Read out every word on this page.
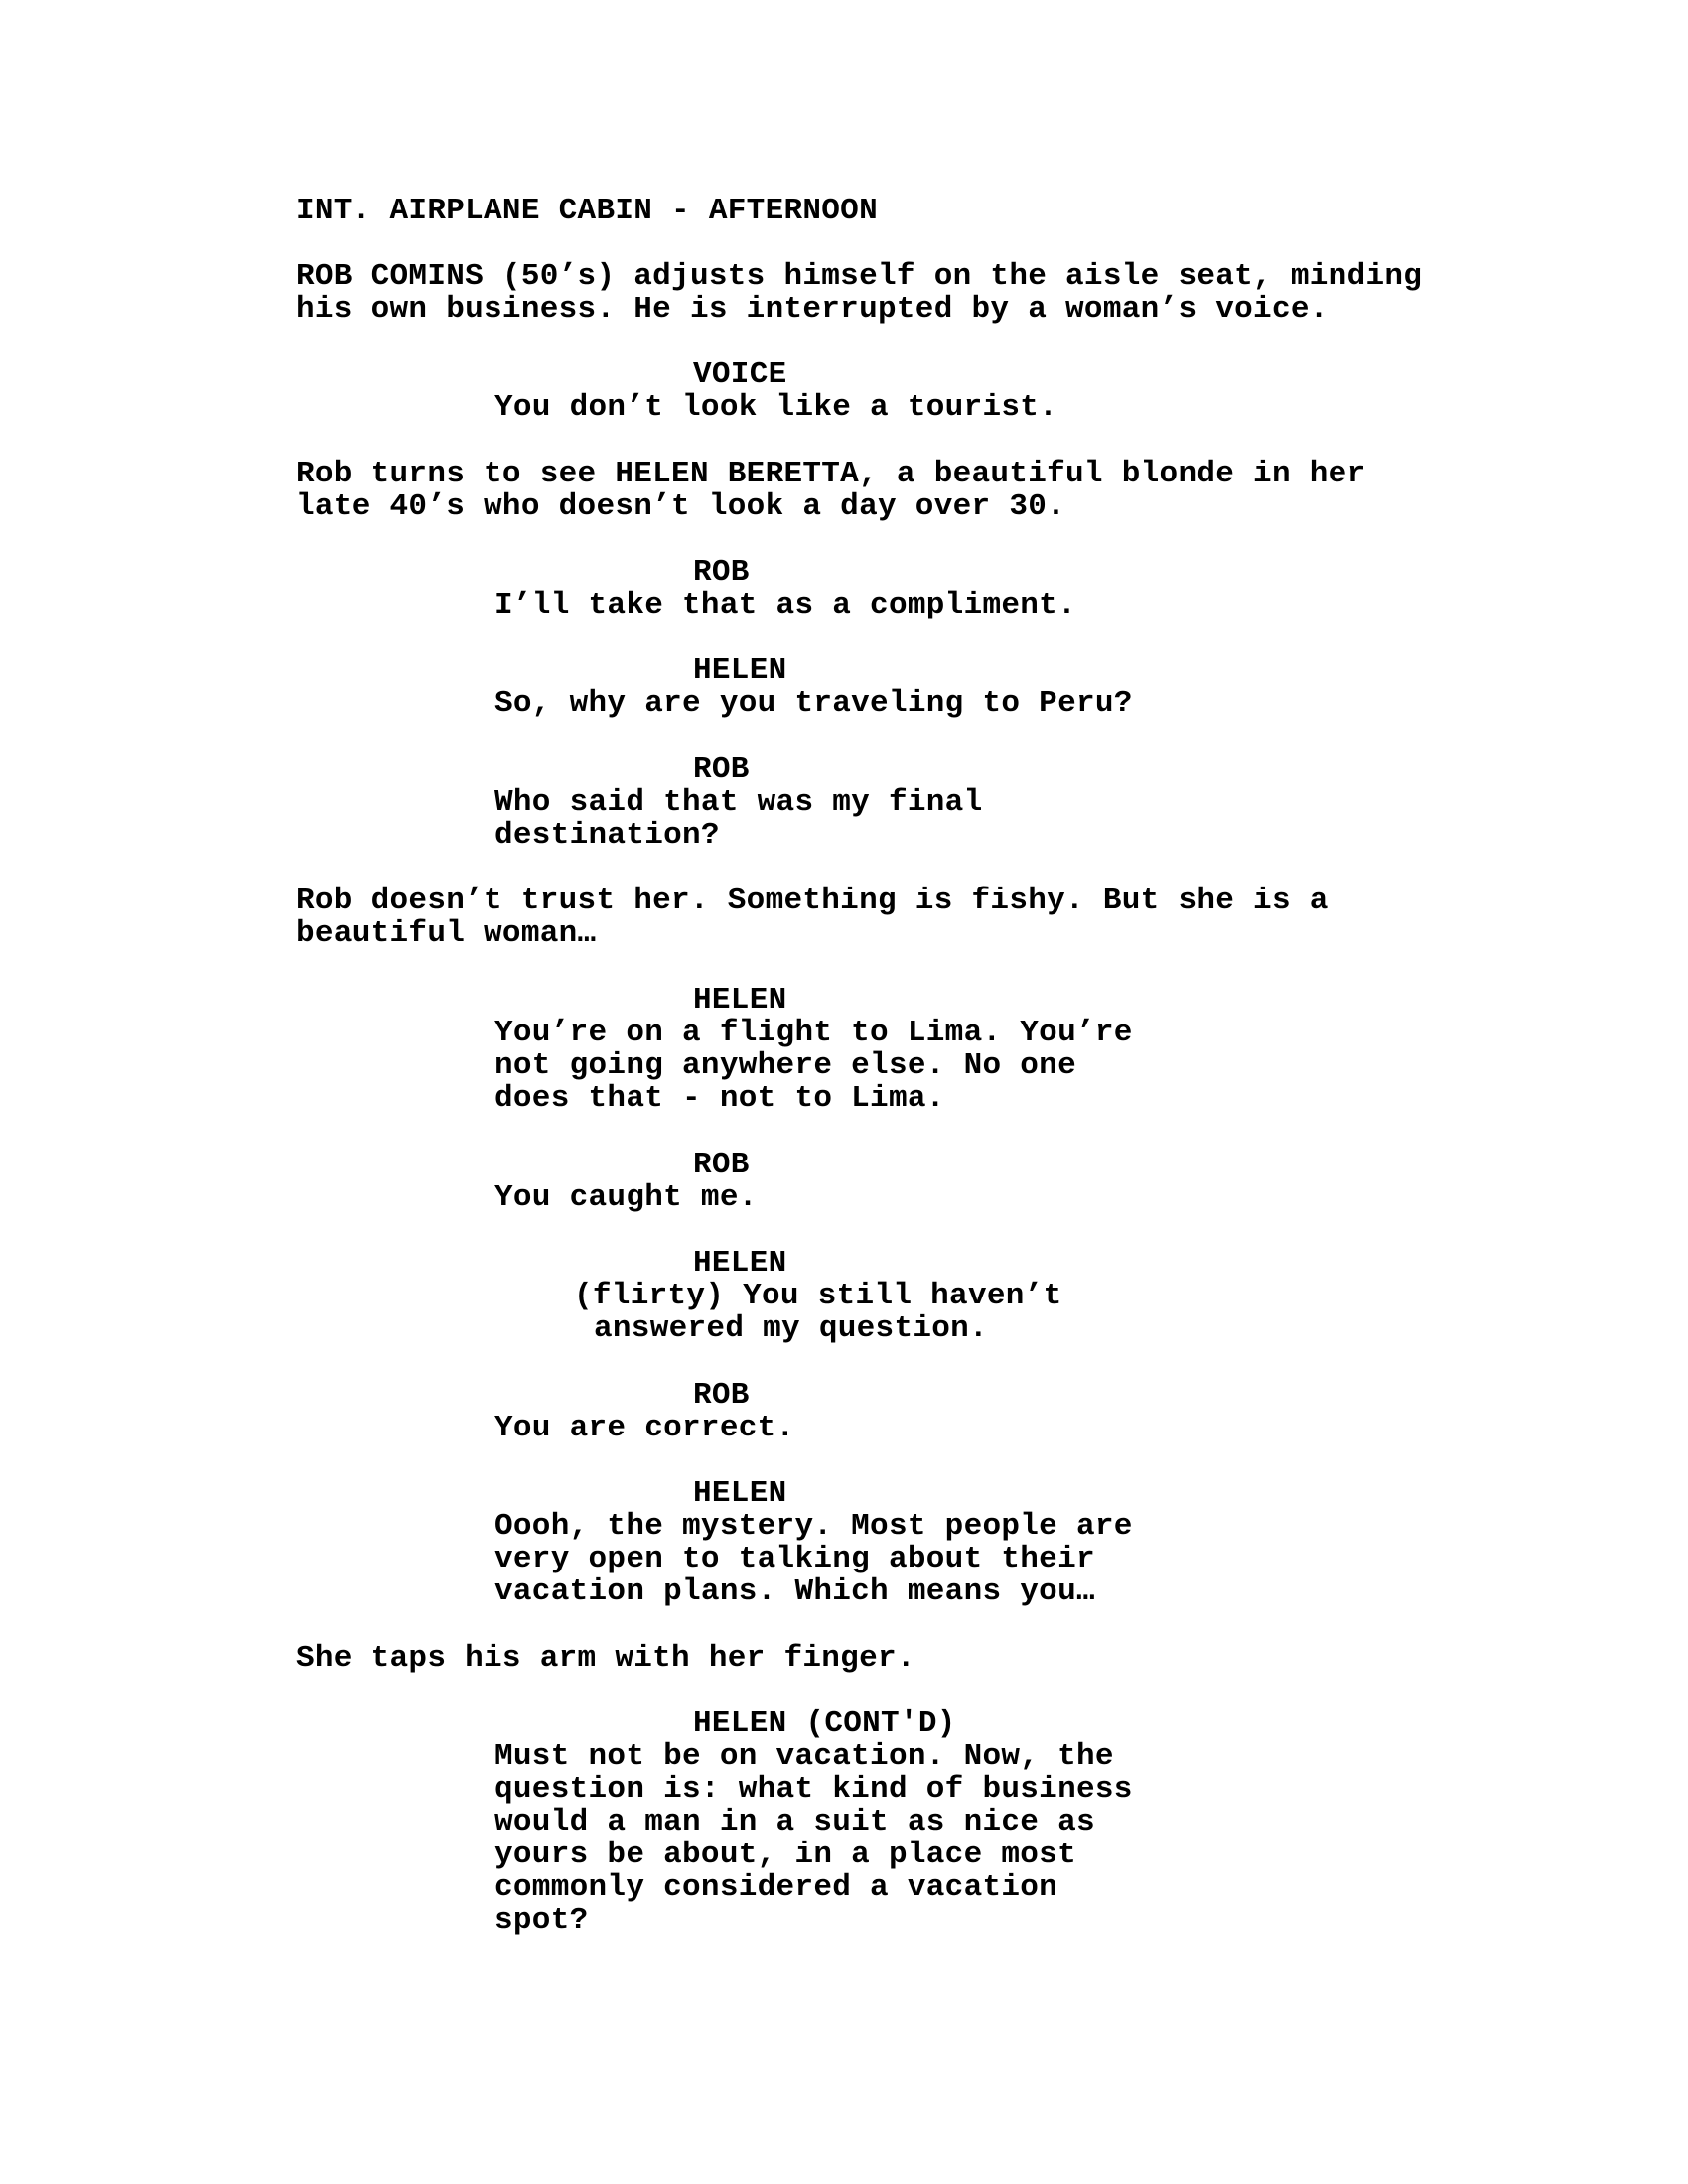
INT. AIRPLANE CABIN - AFTERNOON
ROB COMINS (50’s) adjusts himself on the aisle seat, minding
his own business. He is interrupted by a woman’s voice.
VOICE
You don’t look like a tourist.
Rob turns to see HELEN BERETTA, a beautiful blonde in her
late 40’s who doesn’t look a day over 30.
ROB
I’ll take that as a compliment.
HELEN
So, why are you traveling to Peru?
ROB
Who said that was my final
destination?
Rob doesn’t trust her. Something is fishy. But she is a
beautiful woman…
HELEN
You’re on a flight to Lima. You’re
not going anywhere else. No one
does that - not to Lima.
ROB
You caught me.
HELEN
(flirty) You still haven’t
answered my question.
ROB
You are correct.
HELEN
Oooh, the mystery. Most people are
very open to talking about their
vacation plans. Which means you…
She taps his arm with her finger.
HELEN (CONT'D)
Must not be on vacation. Now, the
question is: what kind of business
would a man in a suit as nice as
yours be about, in a place most
commonly considered a vacation
spot?
